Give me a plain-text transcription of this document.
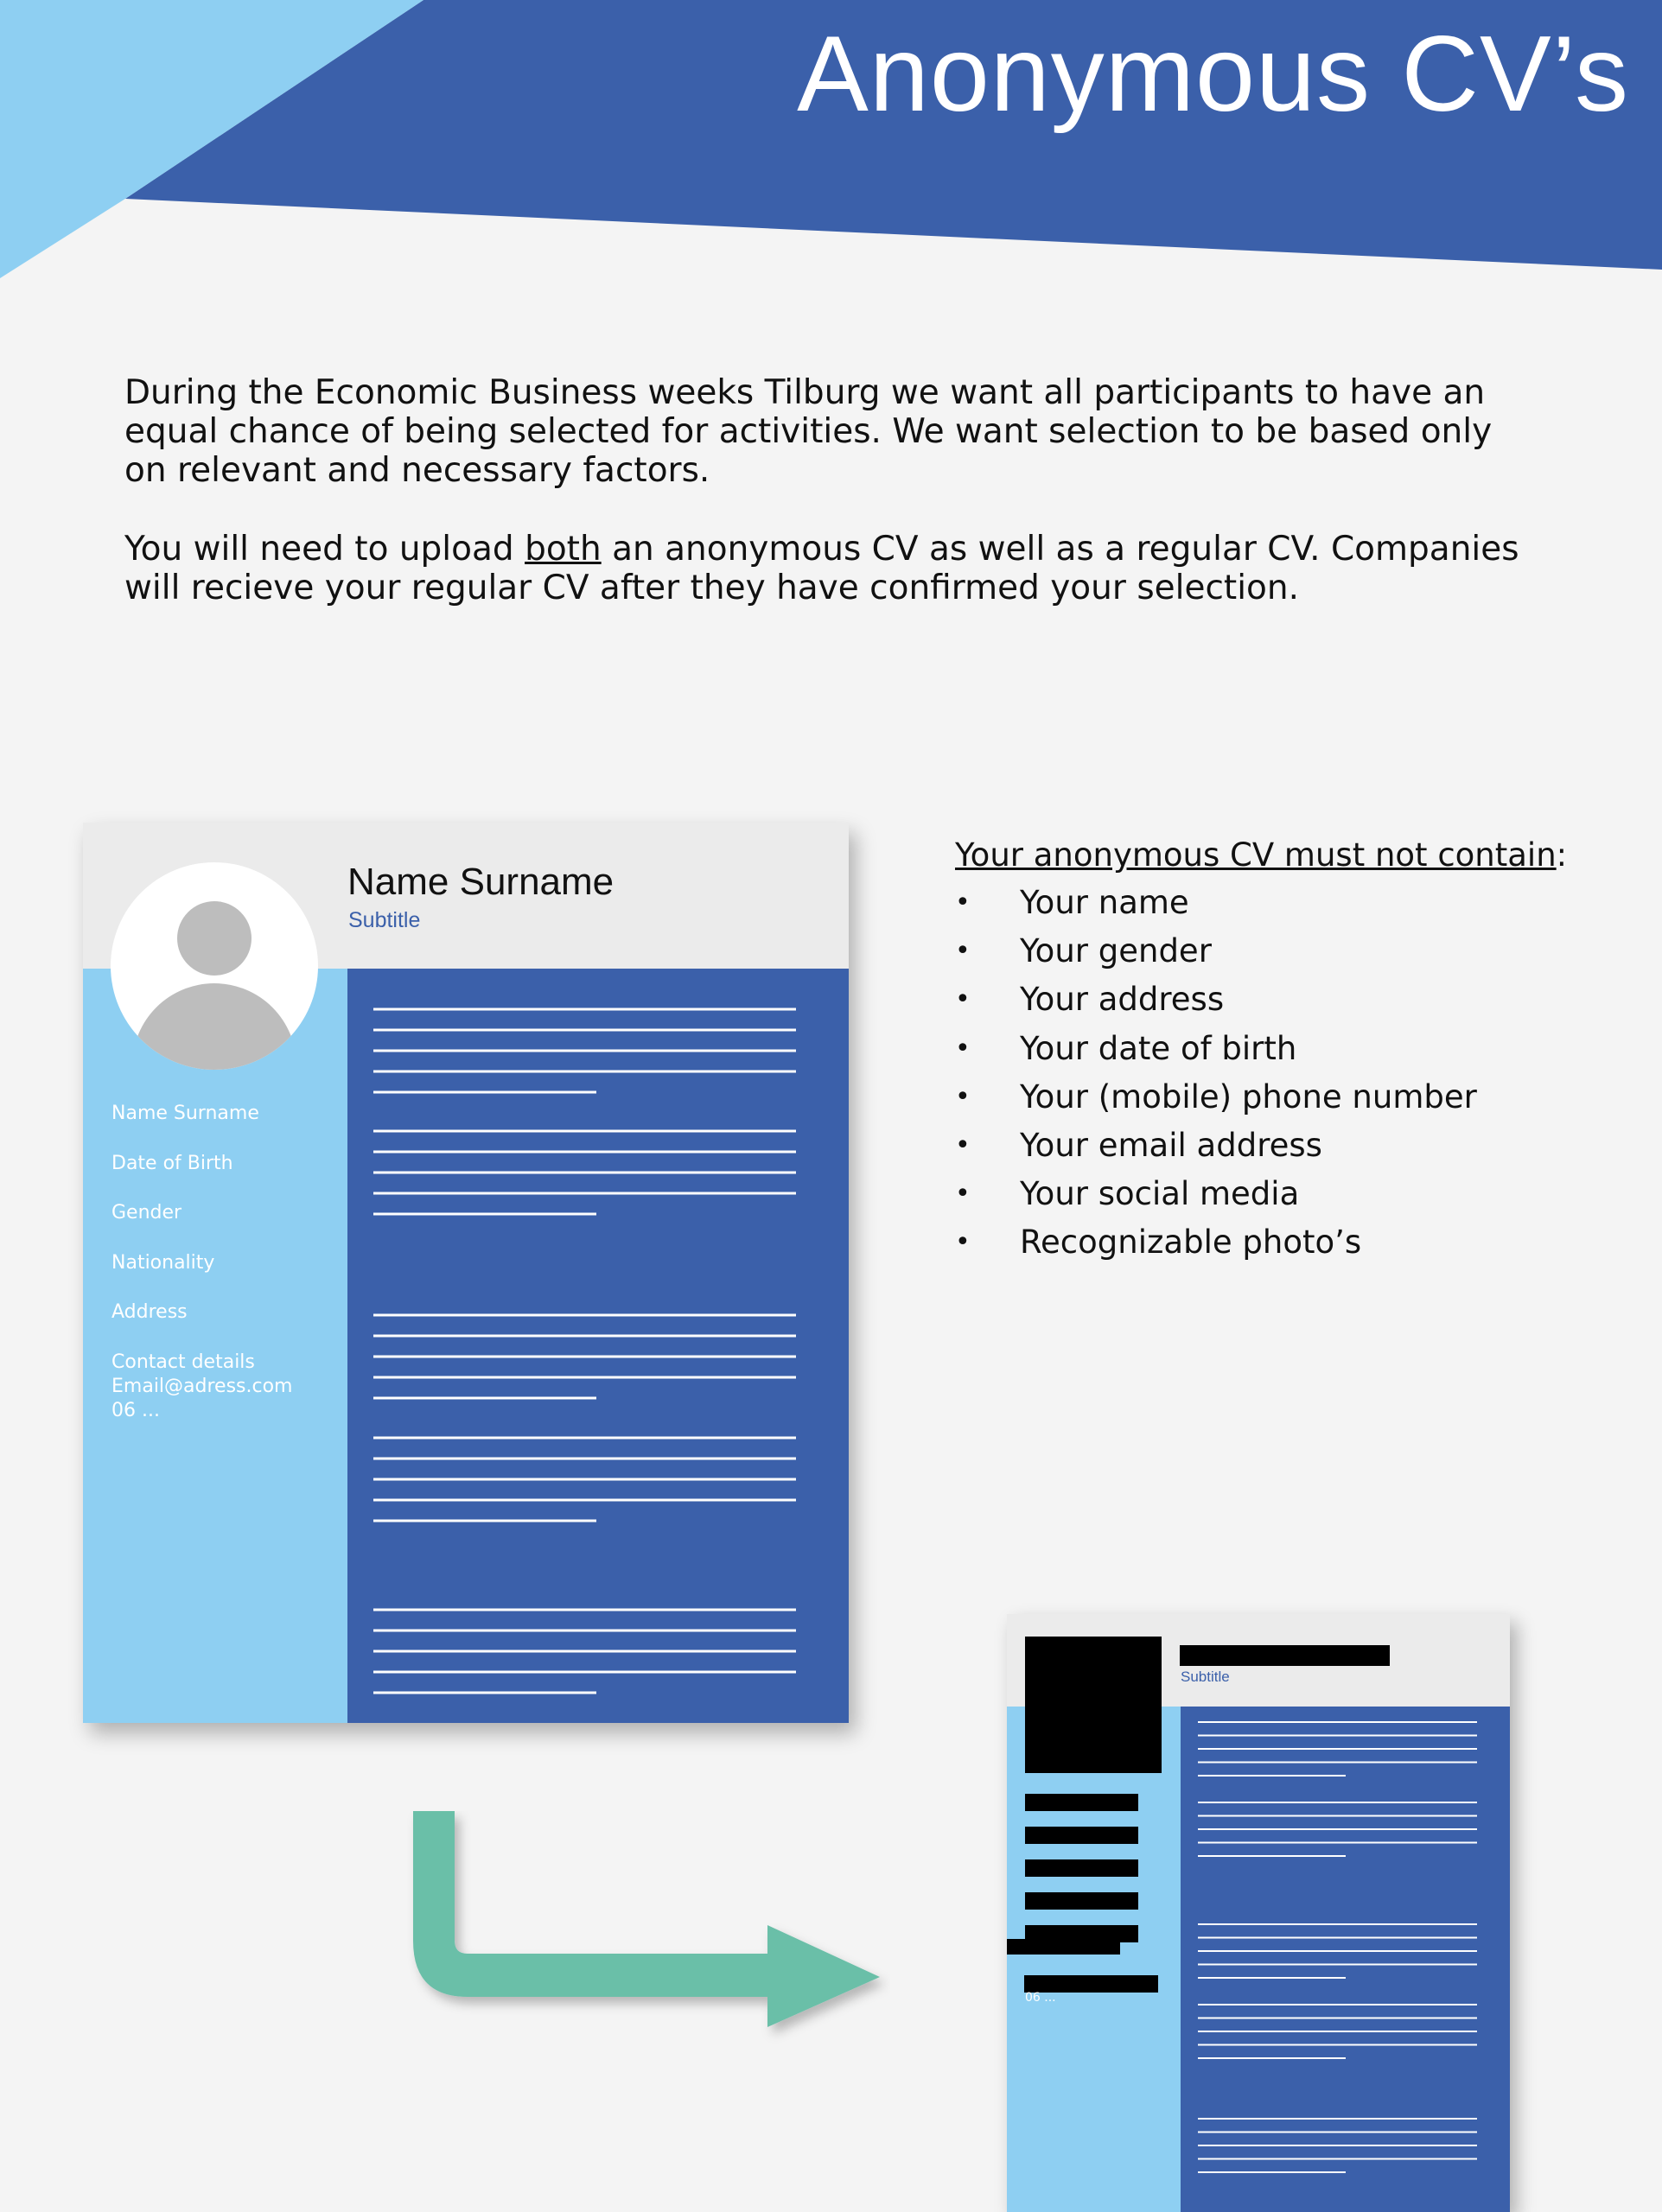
Anonymous CV’s

During the Economic Business weeks Tilburg we want all participants to have an equal chance of being selected for activities. We want selection to be based only on relevant and necessary factors.

You will need to upload both an anonymous CV as well as a regular CV. Companies will recieve your regular CV after they have confirmed your selection.

Name Surname
Subtitle
Name Surname
Date of Birth
Gender
Nationality
Address
Contact details
Email@adress.com
06 ...
Your anonymous CV must not contain:
• Your name
• Your gender
• Your address
• Your date of birth
• Your (mobile) phone number
• Your email address
• Your social media
• Recognizable photo’s
Subtitle
06 ...
